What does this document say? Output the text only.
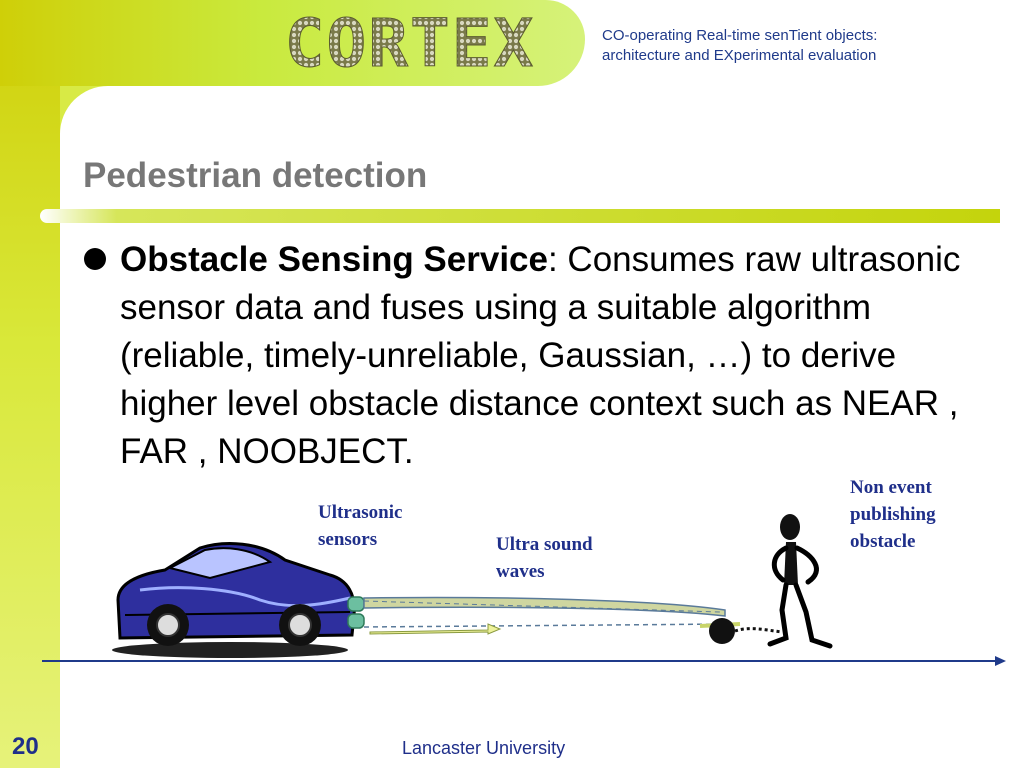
CORTEX	CO-operating Real-time senTient objects:
architecture and EXperimental evaluation
Pedestrian detection
Obstacle Sensing Service: Consumes raw ultrasonic sensor data and fuses using a suitable algorithm (reliable, timely-unreliable, Gaussian, …) to derive higher level obstacle distance context such as NEAR , FAR , NOOBJECT.
Ultrasonic
sensors	Ultra sound
waves
Non event
publishing
obstacle
20	Lancaster University
